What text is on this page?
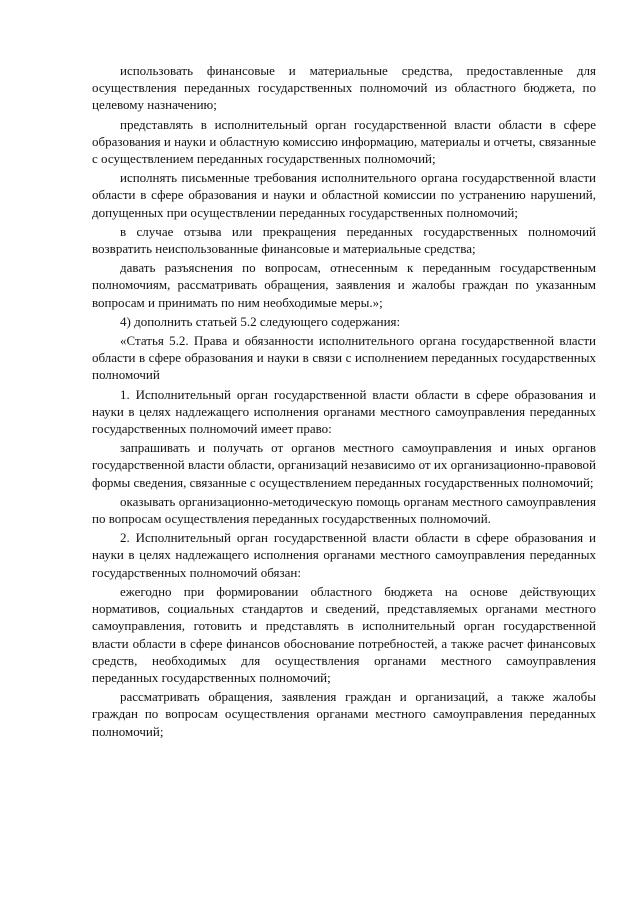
использовать финансовые и материальные средства, предоставленные для осуществления переданных государственных полномочий из областного бюджета, по целевому назначению;

представлять в исполнительный орган государственной власти области в сфере образования и науки и областную комиссию информацию, материалы и отчеты, связанные с осуществлением переданных государственных полномочий;

исполнять письменные требования исполнительного органа государственной власти области в сфере образования и науки и областной комиссии по устранению нарушений, допущенных при осуществлении переданных государственных полномочий;

в случае отзыва или прекращения переданных государственных полномочий возвратить неиспользованные финансовые и материальные средства;

давать разъяснения по вопросам, отнесенным к переданным государственным полномочиям, рассматривать обращения, заявления и жалобы граждан по указанным вопросам и принимать по ним необходимые меры.»;

4) дополнить статьей 5.2 следующего содержания:

«Статья 5.2. Права и обязанности исполнительного органа государственной власти области в сфере образования и науки в связи с исполнением переданных государственных полномочий

1. Исполнительный орган государственной власти области в сфере образования и науки в целях надлежащего исполнения органами местного самоуправления переданных государственных полномочий имеет право:

запрашивать и получать от органов местного самоуправления и иных органов государственной власти области, организаций независимо от их организационно-правовой формы сведения, связанные с осуществлением переданных государственных полномочий;

оказывать организационно-методическую помощь органам местного самоуправления по вопросам осуществления переданных государственных полномочий.

2. Исполнительный орган государственной власти области в сфере образования и науки в целях надлежащего исполнения органами местного самоуправления переданных государственных полномочий обязан:

ежегодно при формировании областного бюджета на основе действующих нормативов, социальных стандартов и сведений, представляемых органами местного самоуправления, готовить и представлять в исполнительный орган государственной власти области в сфере финансов обоснование потребностей, а также расчет финансовых средств, необходимых для осуществления органами местного самоуправления переданных государственных полномочий;

рассматривать обращения, заявления граждан и организаций, а также жалобы граждан по вопросам осуществления органами местного самоуправления переданных полномочий;
